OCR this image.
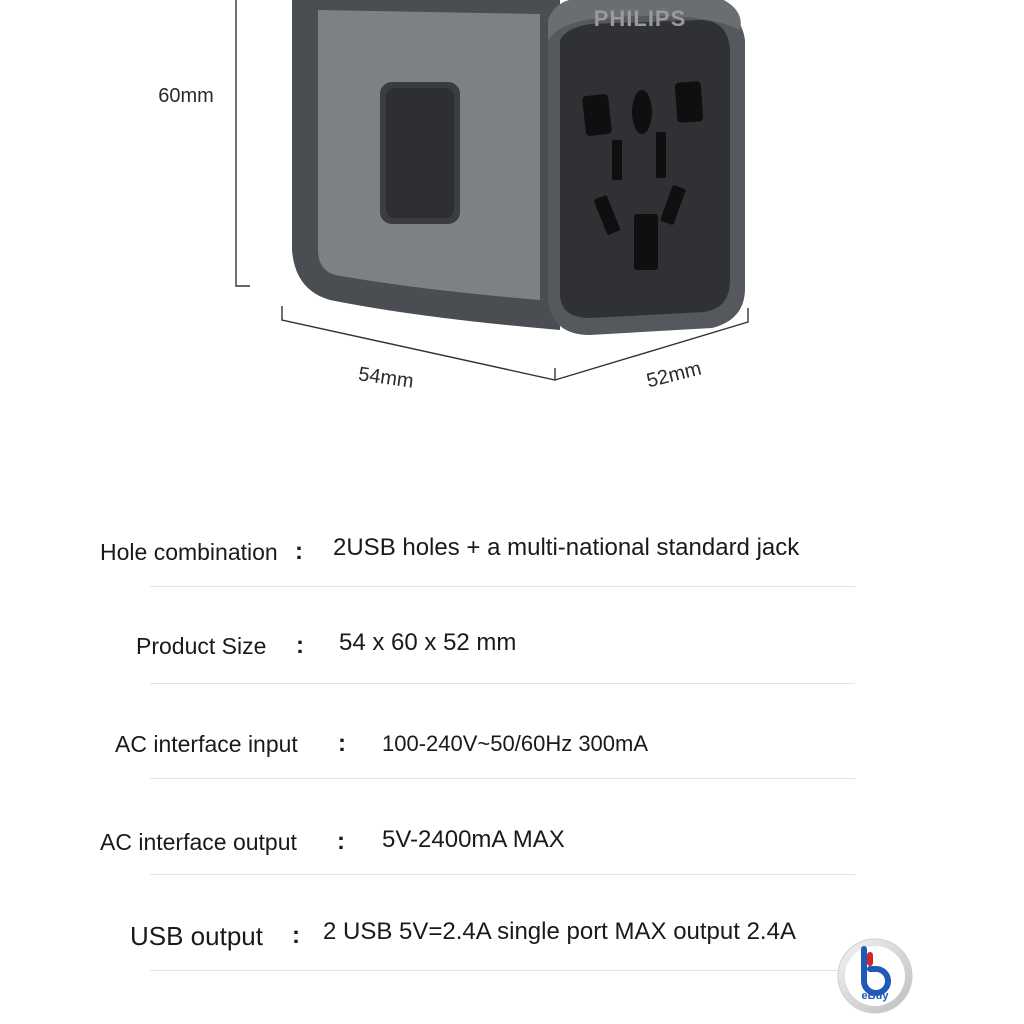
PHILIPS
60mm
54mm	52mm
Hole combination : 2USB holes + a multi-national standard jack
Product Size : 54 x 60 x 52 mm
AC interface input : 100-240V~50/60Hz 300mA
AC interface output : 5V-2400mA MAX
USB output : 2 USB 5V=2.4A single port MAX output 2.4A
eBuy
